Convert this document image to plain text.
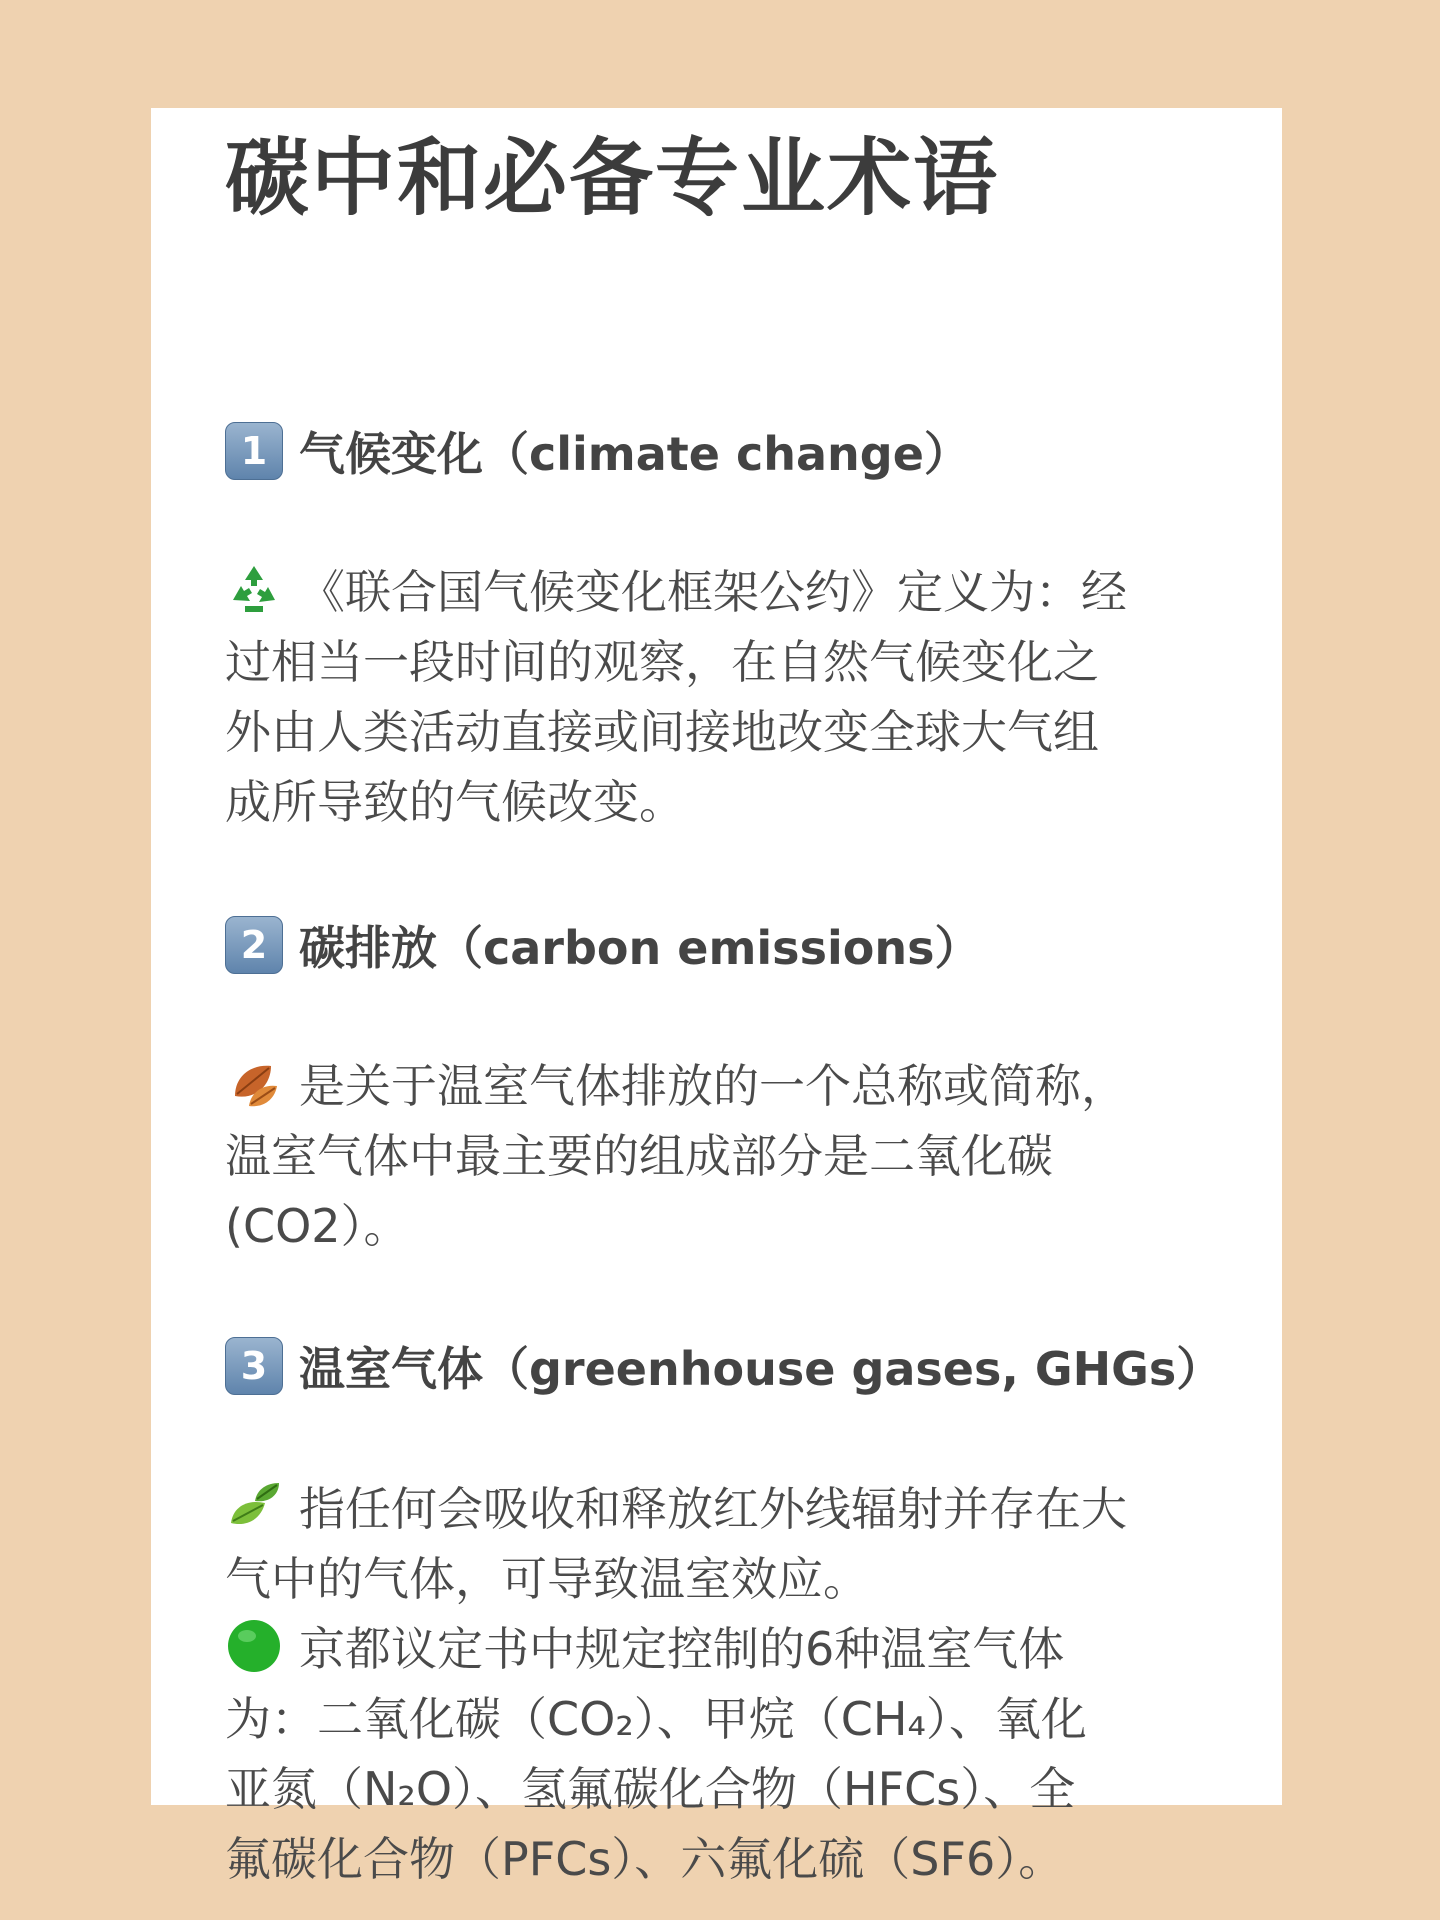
碳中和必备专业术语
1 气候变化（climate change）
《联合国气候变化框架公约》定义为：经
过相当一段时间的观察，在自然气候变化之
外由人类活动直接或间接地改变全球大气组
成所导致的气候改变。
2 碳排放（carbon emissions）
是关于温室气体排放的一个总称或简称，
温室气体中最主要的组成部分是二氧化碳
(CO2）。
3 温室气体（greenhouse gases, GHGs）
指任何会吸收和释放红外线辐射并存在大
气中的气体，可导致温室效应。
京都议定书中规定控制的6种温室气体
为：二氧化碳（CO₂）、甲烷（CH₄）、氧化
亚氮（N₂O）、氢氟碳化合物（HFCs）、全
氟碳化合物（PFCs）、六氟化硫（SF6）。
